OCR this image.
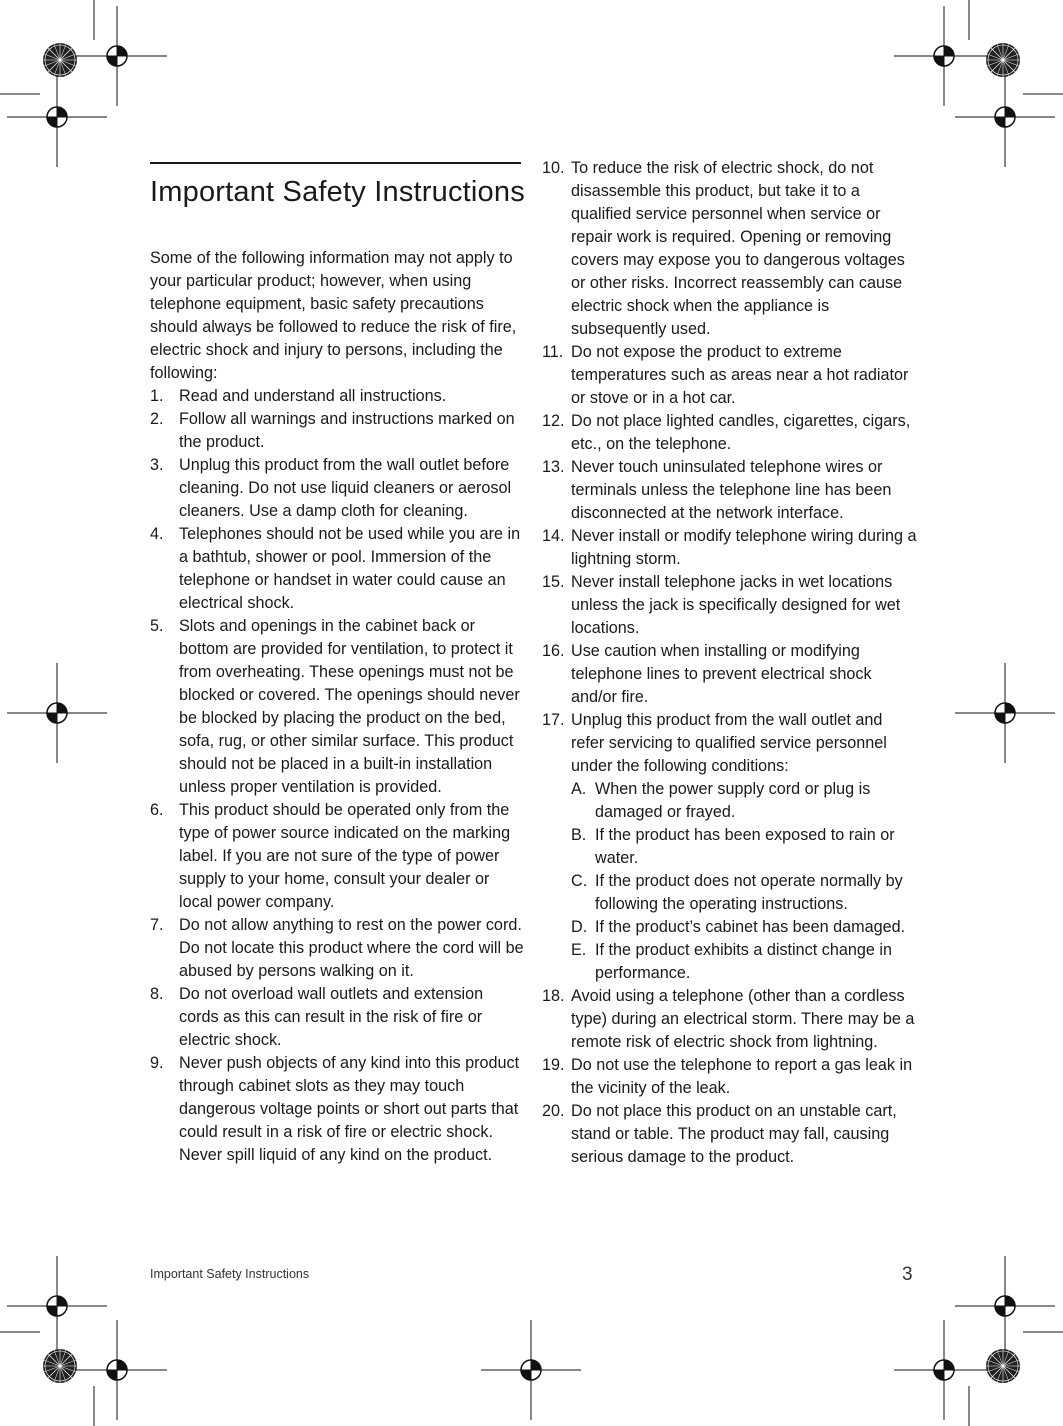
Important Safety Instructions

Some of the following information may not apply to your particular product; however, when using telephone equipment, basic safety precautions should always be followed to reduce the risk of fire, electric shock and injury to persons, including the following:

1. Read and understand all instructions.
2. Follow all warnings and instructions marked on the product.
3. Unplug this product from the wall outlet before cleaning. Do not use liquid cleaners or aerosol cleaners. Use a damp cloth for cleaning.
4. Telephones should not be used while you are in a bathtub, shower or pool. Immersion of the telephone or handset in water could cause an electrical shock.
5. Slots and openings in the cabinet back or bottom are provided for ventilation, to protect it from overheating. These openings must not be blocked or covered. The openings should never be blocked by placing the product on the bed, sofa, rug, or other similar surface. This product should not be placed in a built-in installation unless proper ventilation is provided.
6. This product should be operated only from the type of power source indicated on the marking label. If you are not sure of the type of power supply to your home, consult your dealer or local power company.
7. Do not allow anything to rest on the power cord. Do not locate this product where the cord will be abused by persons walking on it.
8. Do not overload wall outlets and extension cords as this can result in the risk of fire or electric shock.
9. Never push objects of any kind into this product through cabinet slots as they may touch dangerous voltage points or short out parts that could result in a risk of fire or electric shock. Never spill liquid of any kind on the product.
10. To reduce the risk of electric shock, do not disassemble this product, but take it to a qualified service personnel when service or repair work is required. Opening or removing covers may expose you to dangerous voltages or other risks. Incorrect reassembly can cause electric shock when the appliance is subsequently used.
11. Do not expose the product to extreme temperatures such as areas near a hot radiator or stove or in a hot car.
12. Do not place lighted candles, cigarettes, cigars, etc., on the telephone.
13. Never touch uninsulated telephone wires or terminals unless the telephone line has been disconnected at the network interface.
14. Never install or modify telephone wiring during a lightning storm.
15. Never install telephone jacks in wet locations unless the jack is specifically designed for wet locations.
16. Use caution when installing or modifying telephone lines to prevent electrical shock and/or fire.
17. Unplug this product from the wall outlet and refer servicing to qualified service personnel under the following conditions:
A. When the power supply cord or plug is damaged or frayed.
B. If the product has been exposed to rain or water.
C. If the product does not operate normally by following the operating instructions.
D. If the product’s cabinet has been damaged.
E. If the product exhibits a distinct change in performance.
18. Avoid using a telephone (other than a cordless type) during an electrical storm. There may be a remote risk of electric shock from lightning.
19. Do not use the telephone to report a gas leak in the vicinity of the leak.
20. Do not place this product on an unstable cart, stand or table. The product may fall, causing serious damage to the product.
Important Safety Instructions	3
